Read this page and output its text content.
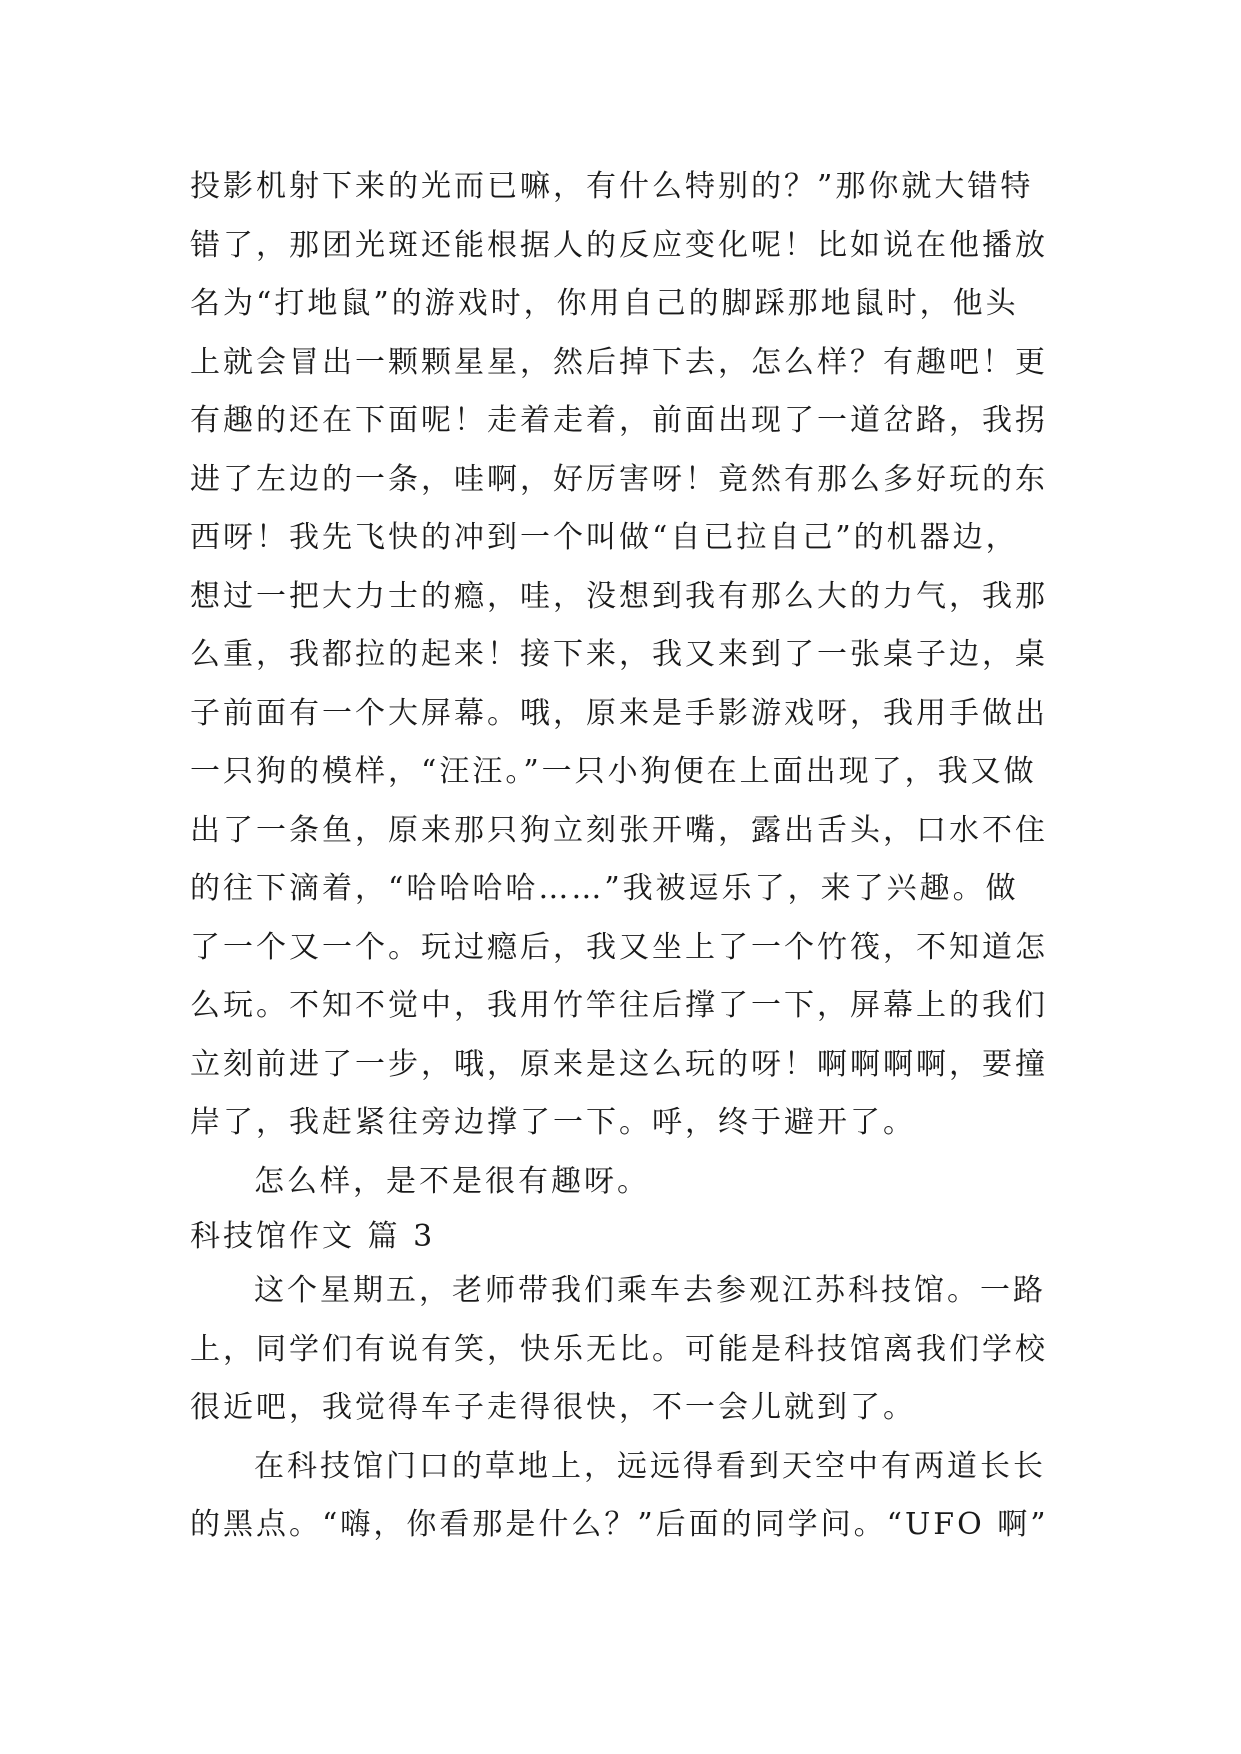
投影机射下来的光而已嘛，有什么特别的？”那你就大错特
错了，那团光斑还能根据人的反应变化呢！比如说在他播放
名为“打地鼠”的游戏时，你用自己的脚踩那地鼠时，他头
上就会冒出一颗颗星星，然后掉下去，怎么样？有趣吧！更
有趣的还在下面呢！走着走着，前面出现了一道岔路，我拐
进了左边的一条，哇啊，好厉害呀！竟然有那么多好玩的东
西呀！我先飞快的冲到一个叫做“自已拉自己”的机器边，
想过一把大力士的瘾，哇，没想到我有那么大的力气，我那
么重，我都拉的起来！接下来，我又来到了一张桌子边，桌
子前面有一个大屏幕。哦，原来是手影游戏呀，我用手做出
一只狗的模样，“汪汪。”一只小狗便在上面出现了，我又做
出了一条鱼，原来那只狗立刻张开嘴，露出舌头，口水不住
的往下滴着，“哈哈哈哈……”我被逗乐了，来了兴趣。做
了一个又一个。玩过瘾后，我又坐上了一个竹筏，不知道怎
么玩。不知不觉中，我用竹竿往后撑了一下，屏幕上的我们
立刻前进了一步，哦，原来是这么玩的呀！啊啊啊啊，要撞
岸了，我赶紧往旁边撑了一下。呼，终于避开了。
怎么样，是不是很有趣呀。
科技馆作文 篇 3
这个星期五，老师带我们乘车去参观江苏科技馆。一路
上，同学们有说有笑，快乐无比。可能是科技馆离我们学校
很近吧，我觉得车子走得很快，不一会儿就到了。
在科技馆门口的草地上，远远得看到天空中有两道长长
的黑点。“嗨，你看那是什么？”后面的同学问。“UFO 啊”
